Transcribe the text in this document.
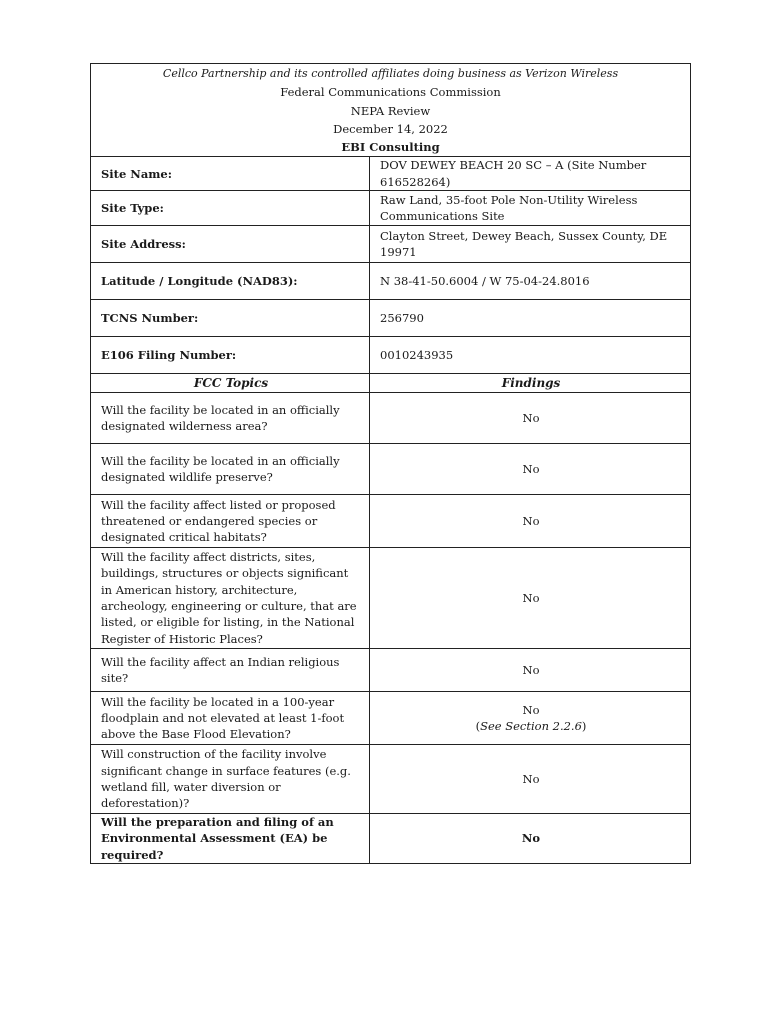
Cellco Partnership and its controlled affiliates doing business as Verizon Wireless
Federal Communications Commission
NEPA Review
December 14, 2022
EBI Consulting
Site Name:	DOV DEWEY BEACH 20 SC – A (Site Number 616528264)
Site Type:	Raw Land, 35-foot Pole Non-Utility Wireless Communications Site
Site Address:	Clayton Street, Dewey Beach, Sussex County, DE 19971
Latitude / Longitude (NAD83):	N 38-41-50.6004 / W 75-04-24.8016
TCNS Number:	256790
E106 Filing Number:	0010243935
FCC Topics	Findings
Will the facility be located in an officially designated wilderness area?	No
Will the facility be located in an officially designated wildlife preserve?	No
Will the facility affect listed or proposed threatened or endangered species or designated critical habitats?	No
Will the facility affect districts, sites, buildings, structures or objects significant in American history, architecture, archeology, engineering or culture, that are listed, or eligible for listing, in the National Register of Historic Places?	No
Will the facility affect an Indian religious site?	No
Will the facility be located in a 100-year floodplain and not elevated at least 1-foot above the Base Flood Elevation?	No
(See Section 2.2.6)

Will construction of the facility involve significant change in surface features (e.g. wetland fill, water diversion or deforestation)?	No
Will the preparation and filing of an Environmental Assessment (EA) be required?	No
